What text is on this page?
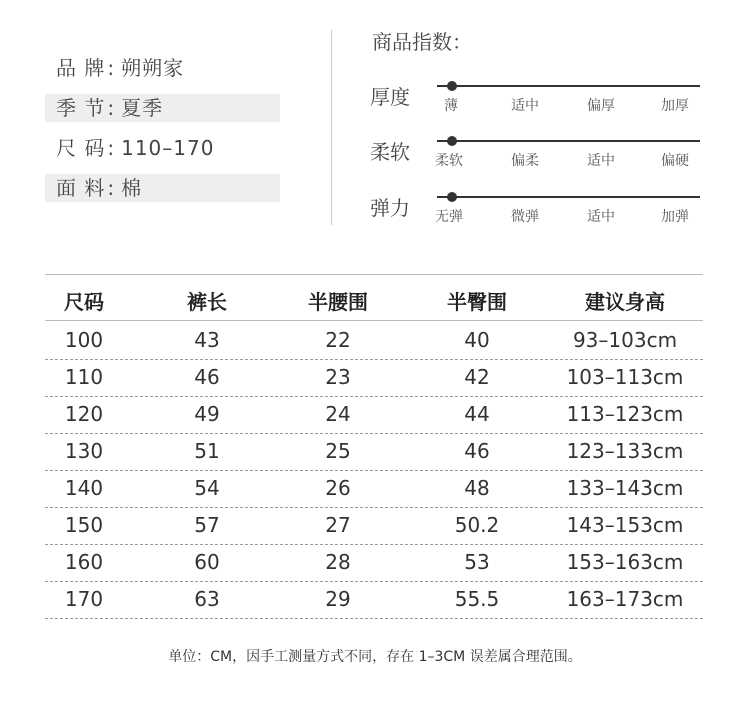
品 牌 : 朔朔家
季 节 : 夏季
尺 码 : 110–170
面 料 : 棉
商品指数：
厚度 薄	适中	偏厚	加厚
柔软 柔软	偏柔	适中	偏硬
弹力 无弹	微弹	适中	加弹
尺码	裤长	半腰围	半臀围	建议身高
100	43	22	40	93–103cm
110	46	23	42	103–113cm
120	49	24	44	113–123cm
130	51	25	46	123–133cm
140	54	26	48	133–143cm
150	57	27	50.2	143–153cm
160	60	28	53	153–163cm
170	63	29	55.5	163–173cm
单位：CM，因手工测量方式不同，存在 1–3CM 误差属合理范围。
